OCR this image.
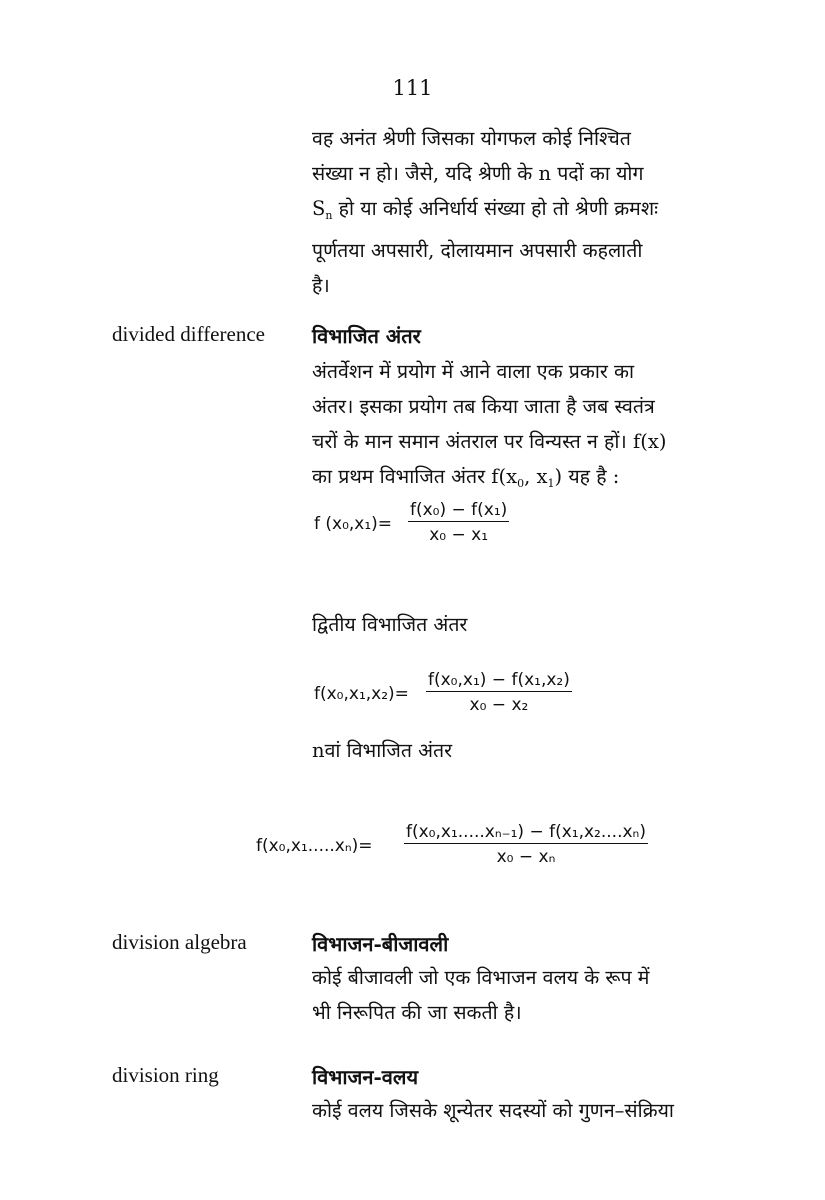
111
वह अनंत श्रेणी जिसका योगफल कोई निश्चित
संख्या न हो। जैसे, यदि श्रेणी के n पदों का योग
$S_n$ हो या कोई अनिर्धार्य संख्या हो तो श्रेणी क्रमशः
पूर्णतया अपसारी, दोलायमान अपसारी कहलाती
है।
divided difference विभाजित अंतर
अंतर्वेशन में प्रयोग में आने वाला एक प्रकार का
अंतर। इसका प्रयोग तब किया जाता है जब स्वतंत्र
चरों के मान समान अंतराल पर विन्यस्त न हों। f(x)
का प्रथम विभाजित अंतर $f(x_0$, $x_1$) यह है :
f (x₀,x₁)=
f(x₀) − f(x₁)
x₀ − x₁
द्वितीय विभाजित अंतर
f(x₀,x₁,x₂)=
f(x₀,x₁) − f(x₁,x₂)
x₀ − x₂
nवां विभाजित अंतर
f(x₀,x₁.....xₙ)=
f(x₀,x₁.....xₙ₋₁) − f(x₁,x₂....xₙ)
x₀ − xₙ
division algebra	विभाजन-बीजावली
कोई बीजावली जो एक विभाजन वलय के रूप में
भी निरूपित की जा सकती है।
division ring	विभाजन-वलय
कोई वलय जिसके शून्येतर सदस्यों को गुणन–संक्रिया
